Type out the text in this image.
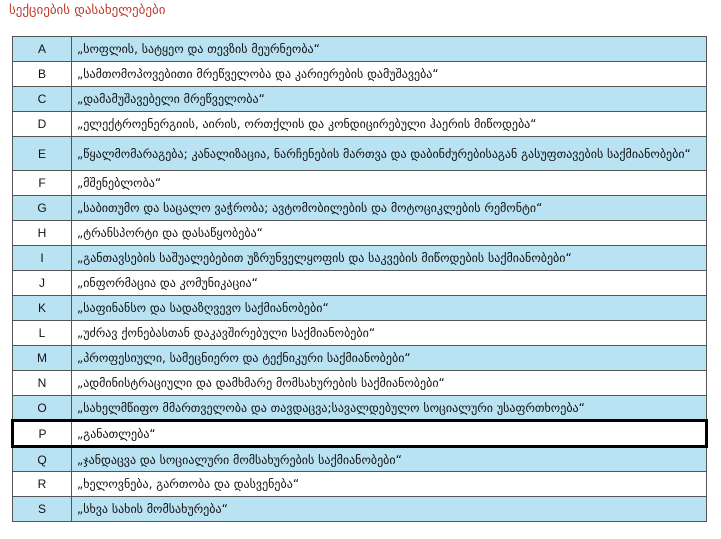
სექციების დასახელებები
A	„სოფლის, სატყეო და თევზის მეურნეობა“
B	„სამთომოპოვებითი მრეწველობა და კარიერების დამუშავება“
C	„დამამუშავებელი მრეწველობა“
D	„ელექტროენერგიის, აირის, ორთქლის და კონდიცირებული ჰაერის მიწოდება“
E	„წყალმომარაგება; კანალიზაცია, ნარჩენების მართვა და დაბინძურებისაგან გასუფთავების საქმიანობები“
F	„მშენებლობა“
G	„საბითუმო და საცალო ვაჭრობა; ავტომობილების და მოტოციკლების რემონტი“
H	„ტრანსპორტი და დასაწყობება“
I	„განთავსების საშუალებებით უზრუნველყოფის და საკვების მიწოდების საქმიანობები“
J	„ინფორმაცია და კომუნიკაცია“
K	„საფინანსო და სადაზღვევო საქმიანობები“
L	„უძრავ ქონებასთან დაკავშირებული საქმიანობები“
M	„პროფესიული, სამეცნიერო და ტექნიკური საქმიანობები“
N	„ადმინისტრაციული და დამხმარე მომსახურების საქმიანობები“
O	„სახელმწიფო მმართველობა და თავდაცვა;სავალდებულო სოციალური უსაფრთხოება“
P	„განათლება“
Q	„ჯანდაცვა და სოციალური მომსახურების საქმიანობები“
R	„ხელოვნება, გართობა და დასვენება“
S	„სხვა სახის მომსახურება“
